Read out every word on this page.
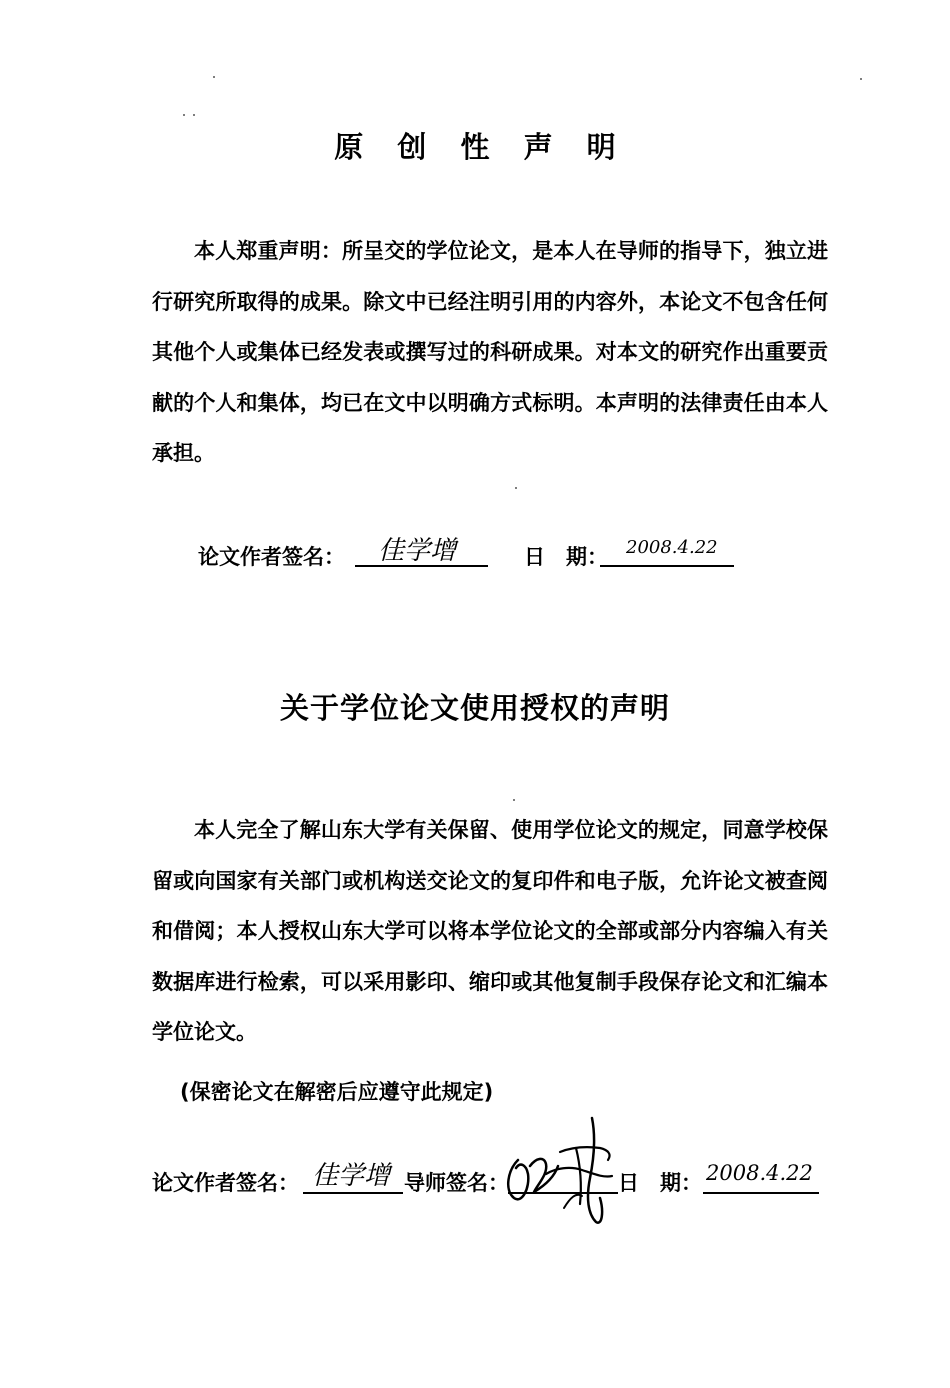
原 创 性 声 明
本人郑重声明：所呈交的学位论文，是本人在导师的指导下，独立进行研究所取得的成果。除文中已经注明引用的内容外，本论文不包含任何其他个人或集体已经发表或撰写过的科研成果。对本文的研究作出重要贡献的个人和集体，均已在文中以明确方式标明。本声明的法律责任由本人承担。
论文作者签名： 佳学增	日　期： 2008.4.22
关于学位论文使用授权的声明
本人完全了解山东大学有关保留、使用学位论文的规定，同意学校保留或向国家有关部门或机构送交论文的复印件和电子版，允许论文被查阅和借阅；本人授权山东大学可以将本学位论文的全部或部分内容编入有关数据库进行检索，可以采用影印、缩印或其他复制手段保存论文和汇编本学位论文。
(保密论文在解密后应遵守此规定)
论文作者签名： 佳学增 导师签名：	日　期： 2008.4.22
